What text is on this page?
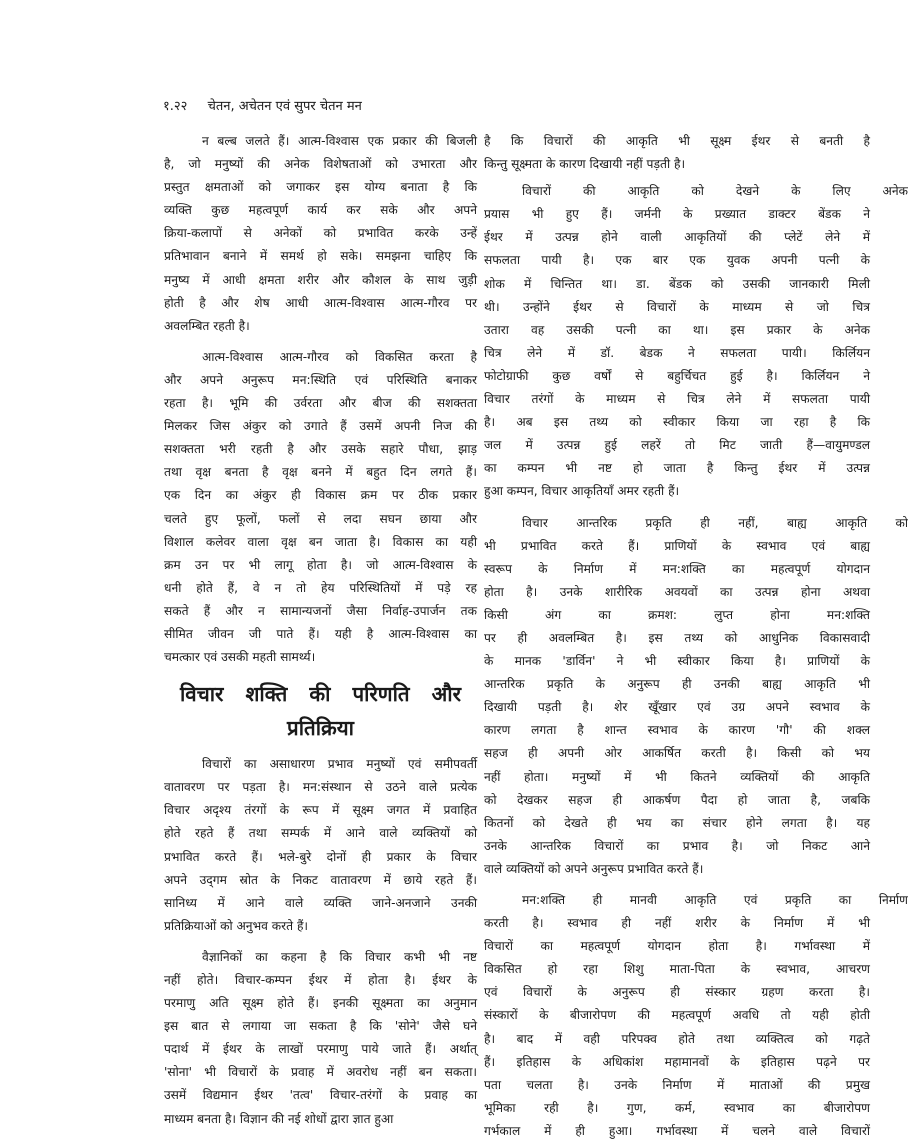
१.२२ चेतन, अचेतन एवं सुपर चेतन मन
न बल्ब जलते हैं। आत्म-विश्वास एक प्रकार की बिजली
है, जो मनुष्यों की अनेक विशेषताओं को उभारता और
प्रस्तुत क्षमताओं को जगाकर इस योग्य बनाता है कि
व्यक्ति कुछ महत्वपूर्ण कार्य कर सके और अपने
क्रिया-कलापों से अनेकों को प्रभावित करके उन्हें
प्रतिभावान बनाने में समर्थ हो सके। समझना चाहिए कि
मनुष्य में आधी क्षमता शरीर और कौशल के साथ जुड़ी
होती है और शेष आधी आत्म-विश्वास आत्म-गौरव पर
अवलम्बित रहती है।
आत्म-विश्वास आत्म-गौरव को विकसित करता है
और अपने अनुरूप मन:स्थिति एवं परिस्थिति बनाकर
रहता है। भूमि की उर्वरता और बीज की सशक्तता
मिलकर जिस अंकुर को उगाते हैं उसमें अपनी निज की
सशक्तता भरी रहती है और उसके सहारे पौधा, झाड़
तथा वृक्ष बनता है वृक्ष बनने में बहुत दिन लगते हैं।
एक दिन का अंकुर ही विकास क्रम पर ठीक प्रकार
चलते हुए फूलों, फलों से लदा सघन छाया और
विशाल कलेवर वाला वृक्ष बन जाता है। विकास का यही
क्रम उन पर भी लागू होता है। जो आत्म-विश्वास के
धनी होते हैं, वे न तो हेय परिस्थितियों में पड़े रह
सकते हैं और न सामान्यजनों जैसा निर्वाह-उपार्जन तक
सीमित जीवन जी पाते हैं। यही है आत्म-विश्वास का
चमत्कार एवं उसकी महती सामर्थ्य।
विचार शक्ति की परिणति और
प्रतिक्रिया
विचारों का असाधारण प्रभाव मनुष्यों एवं समीपवर्ती
वातावरण पर पड़ता है। मन:संस्थान से उठने वाले प्रत्येक
विचार अदृश्य तंरगों के रूप में सूक्ष्म जगत में प्रवाहित
होते रहते हैं तथा सम्पर्क में आने वाले व्यक्तियों को
प्रभावित करते हैं। भले-बुरे दोनों ही प्रकार के विचार
अपने उद्‌गम स्रोत के निकट वातावरण में छाये रहते हैं।
सानिध्य में आने वाले व्यक्ति जाने-अनजाने उनकी
प्रतिक्रियाओं को अनुभव करते हैं।
वैज्ञानिकों का कहना है कि विचार कभी भी नष्ट
नहीं होते। विचार-कम्पन ईथर में होता है। ईथर के
परमाणु अति सूक्ष्म होते हैं। इनकी सूक्ष्मता का अनुमान
इस बात से लगाया जा सकता है कि 'सोने' जैसे घने
पदार्थ में ईथर के लाखों परमाणु पाये जाते हैं। अर्थात्
'सोना' भी विचारों के प्रवाह में अवरोध नहीं बन सकता।
उसमें विद्यमान ईथर 'तत्व' विचार-तरंगों के प्रवाह का
माध्यम बनता है। विज्ञान की नई शोधों द्वारा ज्ञात हुआ
है कि विचारों की आकृति भी सूक्ष्म ईथर से बनती है
किन्तु सूक्ष्मता के कारण दिखायी नहीं पड़ती है।
विचारों की आकृति को देखने के लिए अनेक
प्रयास भी हुए हैं। जर्मनी के प्रख्यात डाक्टर बेंडक ने
ईथर में उत्पन्न होने वाली आकृतियों की प्लेटें लेने में
सफलता पायी है। एक बार एक युवक अपनी पत्नी के
शोक में चिन्तित था। डा. बेंडक को उसकी जानकारी मिली
थी। उन्होंने ईथर से विचारों के माध्यम से जो चित्र
उतारा वह उसकी पत्नी का था। इस प्रकार के अनेक
चित्र लेने में डॉ. बेडक ने सफलता पायी। किर्लियन
फोटोग्राफी कुछ वर्षों से बहुर्चिचत हुई है। किर्लियन ने
विचार तरंगों के माध्यम से चित्र लेने में सफलता पायी
है। अब इस तथ्य को स्वीकार किया जा रहा है कि
जल में उत्पन्न हुई लहरें तो मिट जाती हैं—वायुमण्डल
का कम्पन भी नष्ट हो जाता है किन्तु ईथर में उत्पन्न
हुआ कम्पन, विचार आकृतियाँ अमर रहती हैं।
विचार आन्तरिक प्रकृति ही नहीं, बाह्य आकृति को
भी प्रभावित करते हैं। प्राणियों के स्वभाव एवं बाह्य
स्वरूप के निर्माण में मन:शक्ति का महत्वपूर्ण योगदान
होता है। उनके शारीरिक अवयवों का उत्पन्न होना अथवा
किसी अंग का क्रमश: लुप्त होना मन:शक्ति
पर ही अवलम्बित है। इस तथ्य को आधुनिक विकासवादी
के मानक 'डार्विन' ने भी स्वीकार किया है। प्राणियों के
आन्तरिक प्रकृति के अनुरूप ही उनकी बाह्य आकृति भी
दिखायी पड़ती है। शेर खूँखार एवं उग्र अपने स्वभाव के
कारण लगता है शान्त स्वभाव के कारण 'गौ' की शक्ल
सहज ही अपनी ओर आकर्षित करती है। किसी को भय
नहीं होता। मनुष्यों में भी कितने व्यक्तियों की आकृति
को देखकर सहज ही आकर्षण पैदा हो जाता है, जबकि
कितनों को देखते ही भय का संचार होने लगता है। यह
उनके आन्तरिक विचारों का प्रभाव है। जो निकट आने
वाले व्यक्तियों को अपने अनुरूप प्रभावित करते हैं।
मन:शक्ति ही मानवी आकृति एवं प्रकृति का निर्माण
करती है। स्वभाव ही नहीं शरीर के निर्माण में भी
विचारों का महत्वपूर्ण योगदान होता है। गर्भावस्था में
विकसित हो रहा शिशु माता-पिता के स्वभाव, आचरण
एवं विचारों के अनुरूप ही संस्कार ग्रहण करता है।
संस्कारों के बीजारोपण की महत्वपूर्ण अवधि तो यही होती
है। बाद में वही परिपक्व होते तथा व्यक्तित्व को गढ़ते
हैं। इतिहास के अधिकांश महामानवों के इतिहास पढ़ने पर
पता चलता है। उनके निर्माण में माताओं की प्रमुख
भूमिका रही है। गुण, कर्म, स्वभाव का बीजारोपण
गर्भकाल में ही हुआ। गर्भावस्था में चलने वाले विचारों
